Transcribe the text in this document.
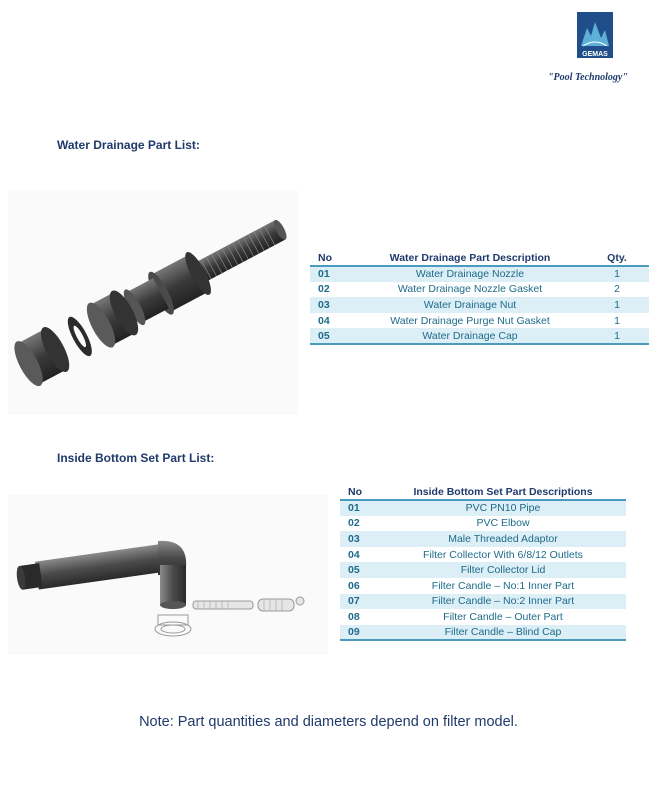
GEMAS
"Pool Technology"
Water Drainage Part List:
No	Water Drainage Part Description	Qty.
01	Water Drainage Nozzle	1
02	Water Drainage Nozzle Gasket	2
03	Water Drainage Nut	1
04	Water Drainage Purge Nut Gasket	1
05	Water Drainage Cap	1
Inside Bottom Set Part List:
No	Inside Bottom Set Part Descriptions
01	PVC PN10 Pipe
02	PVC Elbow
03	Male Threaded Adaptor
04	Filter Collector With 6/8/12 Outlets
05	Filter Collector Lid
06	Filter Candle – No:1 Inner Part
07	Filter Candle – No:2 Inner Part
08	Filter Candle – Outer Part
09	Filter Candle – Blind Cap
Note: Part quantities and diameters depend on filter model.
